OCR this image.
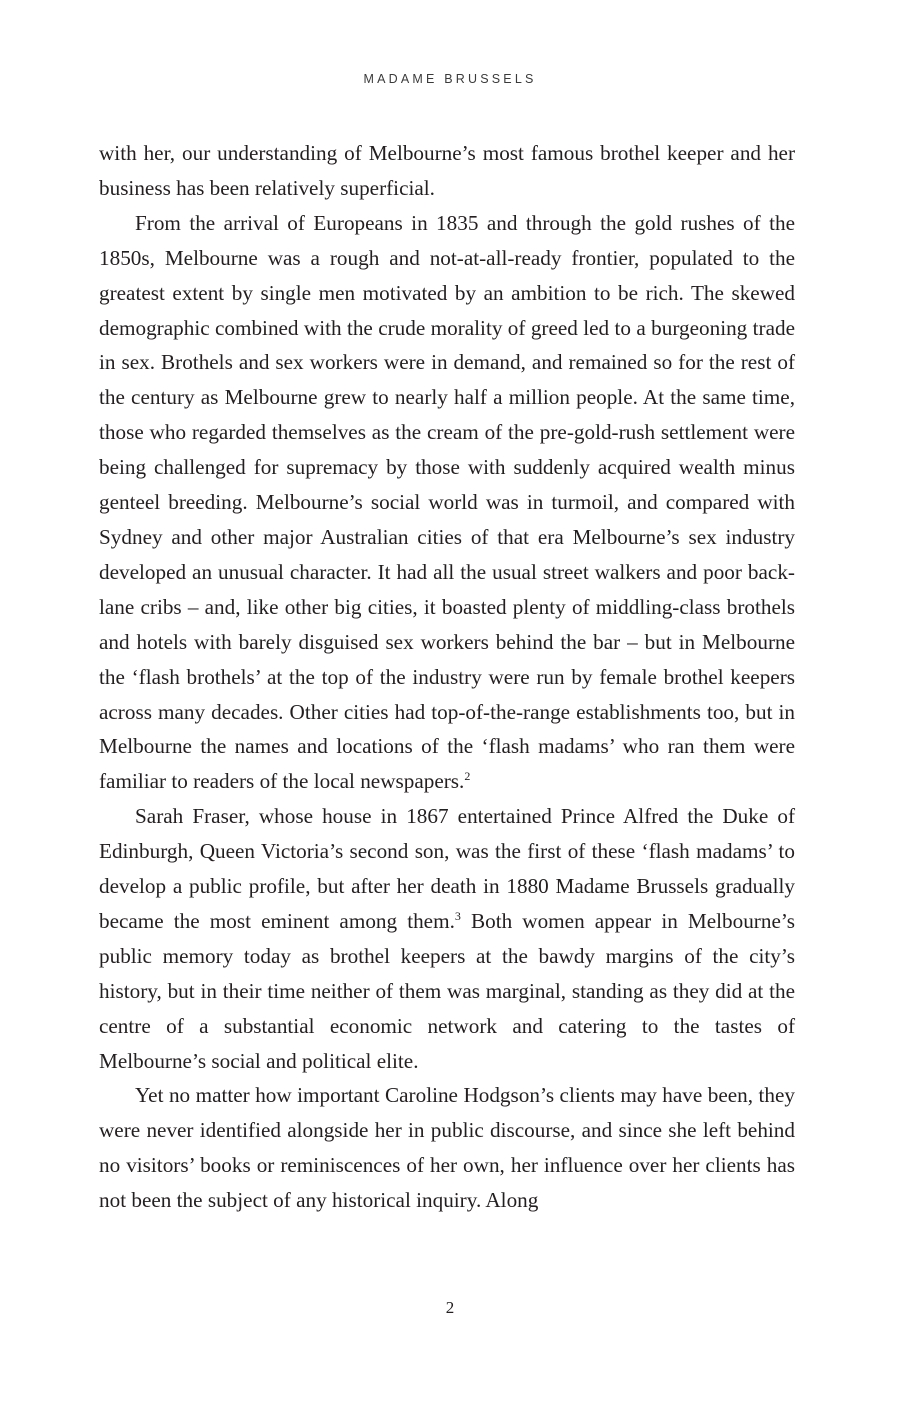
MADAME BRUSSELS

with her, our understanding of Melbourne’s most famous brothel keeper and her business has been relatively superficial.

From the arrival of Europeans in 1835 and through the gold rushes of the 1850s, Melbourne was a rough and not-at-all-ready frontier, populated to the greatest extent by single men motivated by an ambition to be rich. The skewed demographic combined with the crude morality of greed led to a burgeoning trade in sex. Brothels and sex workers were in demand, and remained so for the rest of the century as Melbourne grew to nearly half a million people. At the same time, those who regarded themselves as the cream of the pre-gold-rush settlement were being challenged for supremacy by those with suddenly acquired wealth minus genteel breeding. Melbourne’s social world was in turmoil, and compared with Sydney and other major Australian cities of that era Melbourne’s sex industry developed an unusual character. It had all the usual street walkers and poor back-lane cribs – and, like other big cities, it boasted plenty of middling-class brothels and hotels with barely disguised sex workers behind the bar – but in Melbourne the ‘flash brothels’ at the top of the industry were run by female brothel keepers across many decades. Other cities had top-of-the-range establishments too, but in Melbourne the names and locations of the ‘flash madams’ who ran them were familiar to readers of the local newspapers.$^2$

Sarah Fraser, whose house in 1867 entertained Prince Alfred the Duke of Edinburgh, Queen Victoria’s second son, was the first of these ‘flash madams’ to develop a public profile, but after her death in 1880 Madame Brussels gradually became the most eminent among them.$^3$ Both women appear in Melbourne’s public memory today as brothel keepers at the bawdy margins of the city’s history, but in their time neither of them was marginal, standing as they did at the centre of a substantial economic network and catering to the tastes of Melbourne’s social and political elite.

Yet no matter how important Caroline Hodgson’s clients may have been, they were never identified alongside her in public discourse, and since she left behind no visitors’ books or reminiscences of her own, her influence over her clients has not been the subject of any historical inquiry. Along

2
